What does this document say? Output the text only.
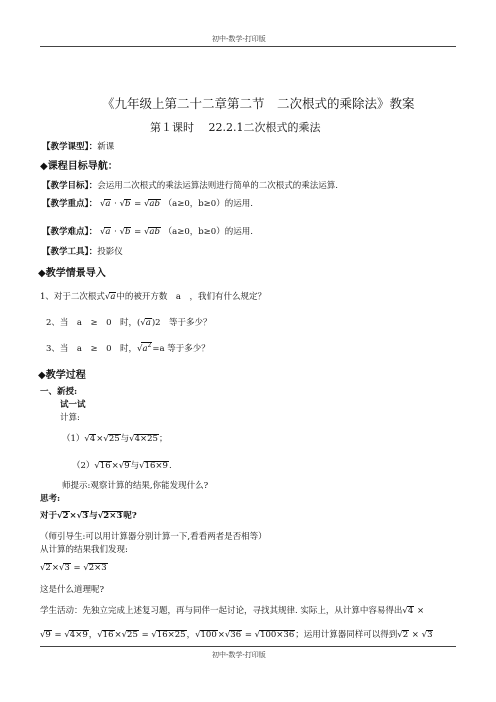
初中-数学-打印版
《九年级上第二十二章第二节　二次根式的乘除法》教案
第１课时　 22.2.1二次根式的乘法
【教学课型】：新课
◆课程目标导航：
【教学目标】：会运用二次根式的乘法运算法则进行简单的二次根式的乘法运算.
【教学重点】： √a · √b = √ab （a≥0，b≥0）的运用.
【教学难点】： √a · √b = √ab （a≥0，b≥0）的运用.
【教学工具】：投影仪
◆教学情景导入
1、对于二次根式√a中的被开方数　a　，我们有什么规定？
2、当　a　≥　0　时，(√a)2　等于多少？
3、当　a　≥　0　时，$√a^2=a$ 等于多少？
◆教学过程
一、新授:
试一试
计算:
（1）√4×√25与√4×25；
（2）√16×√9与√16×9.
师提示:观察计算的结果,你能发现什么?
思考:
对于√2×√3与√2×3呢?
（师引导生:可以用计算器分别计算一下,看看两者是否相等）
从计算的结果我们发现:
√2×√3 = √2×3
这是什么道理呢?
学生活动：先独立完成上述复习题，再与同伴一起讨论，寻找其规律. 实际上，从计算中容易得出√4 ×
√9 = √4×9，√16×√25 = √16×25，√100×√36 = √100×36；运用计算器同样可以得到√2 × √3
初中-数学-打印版
